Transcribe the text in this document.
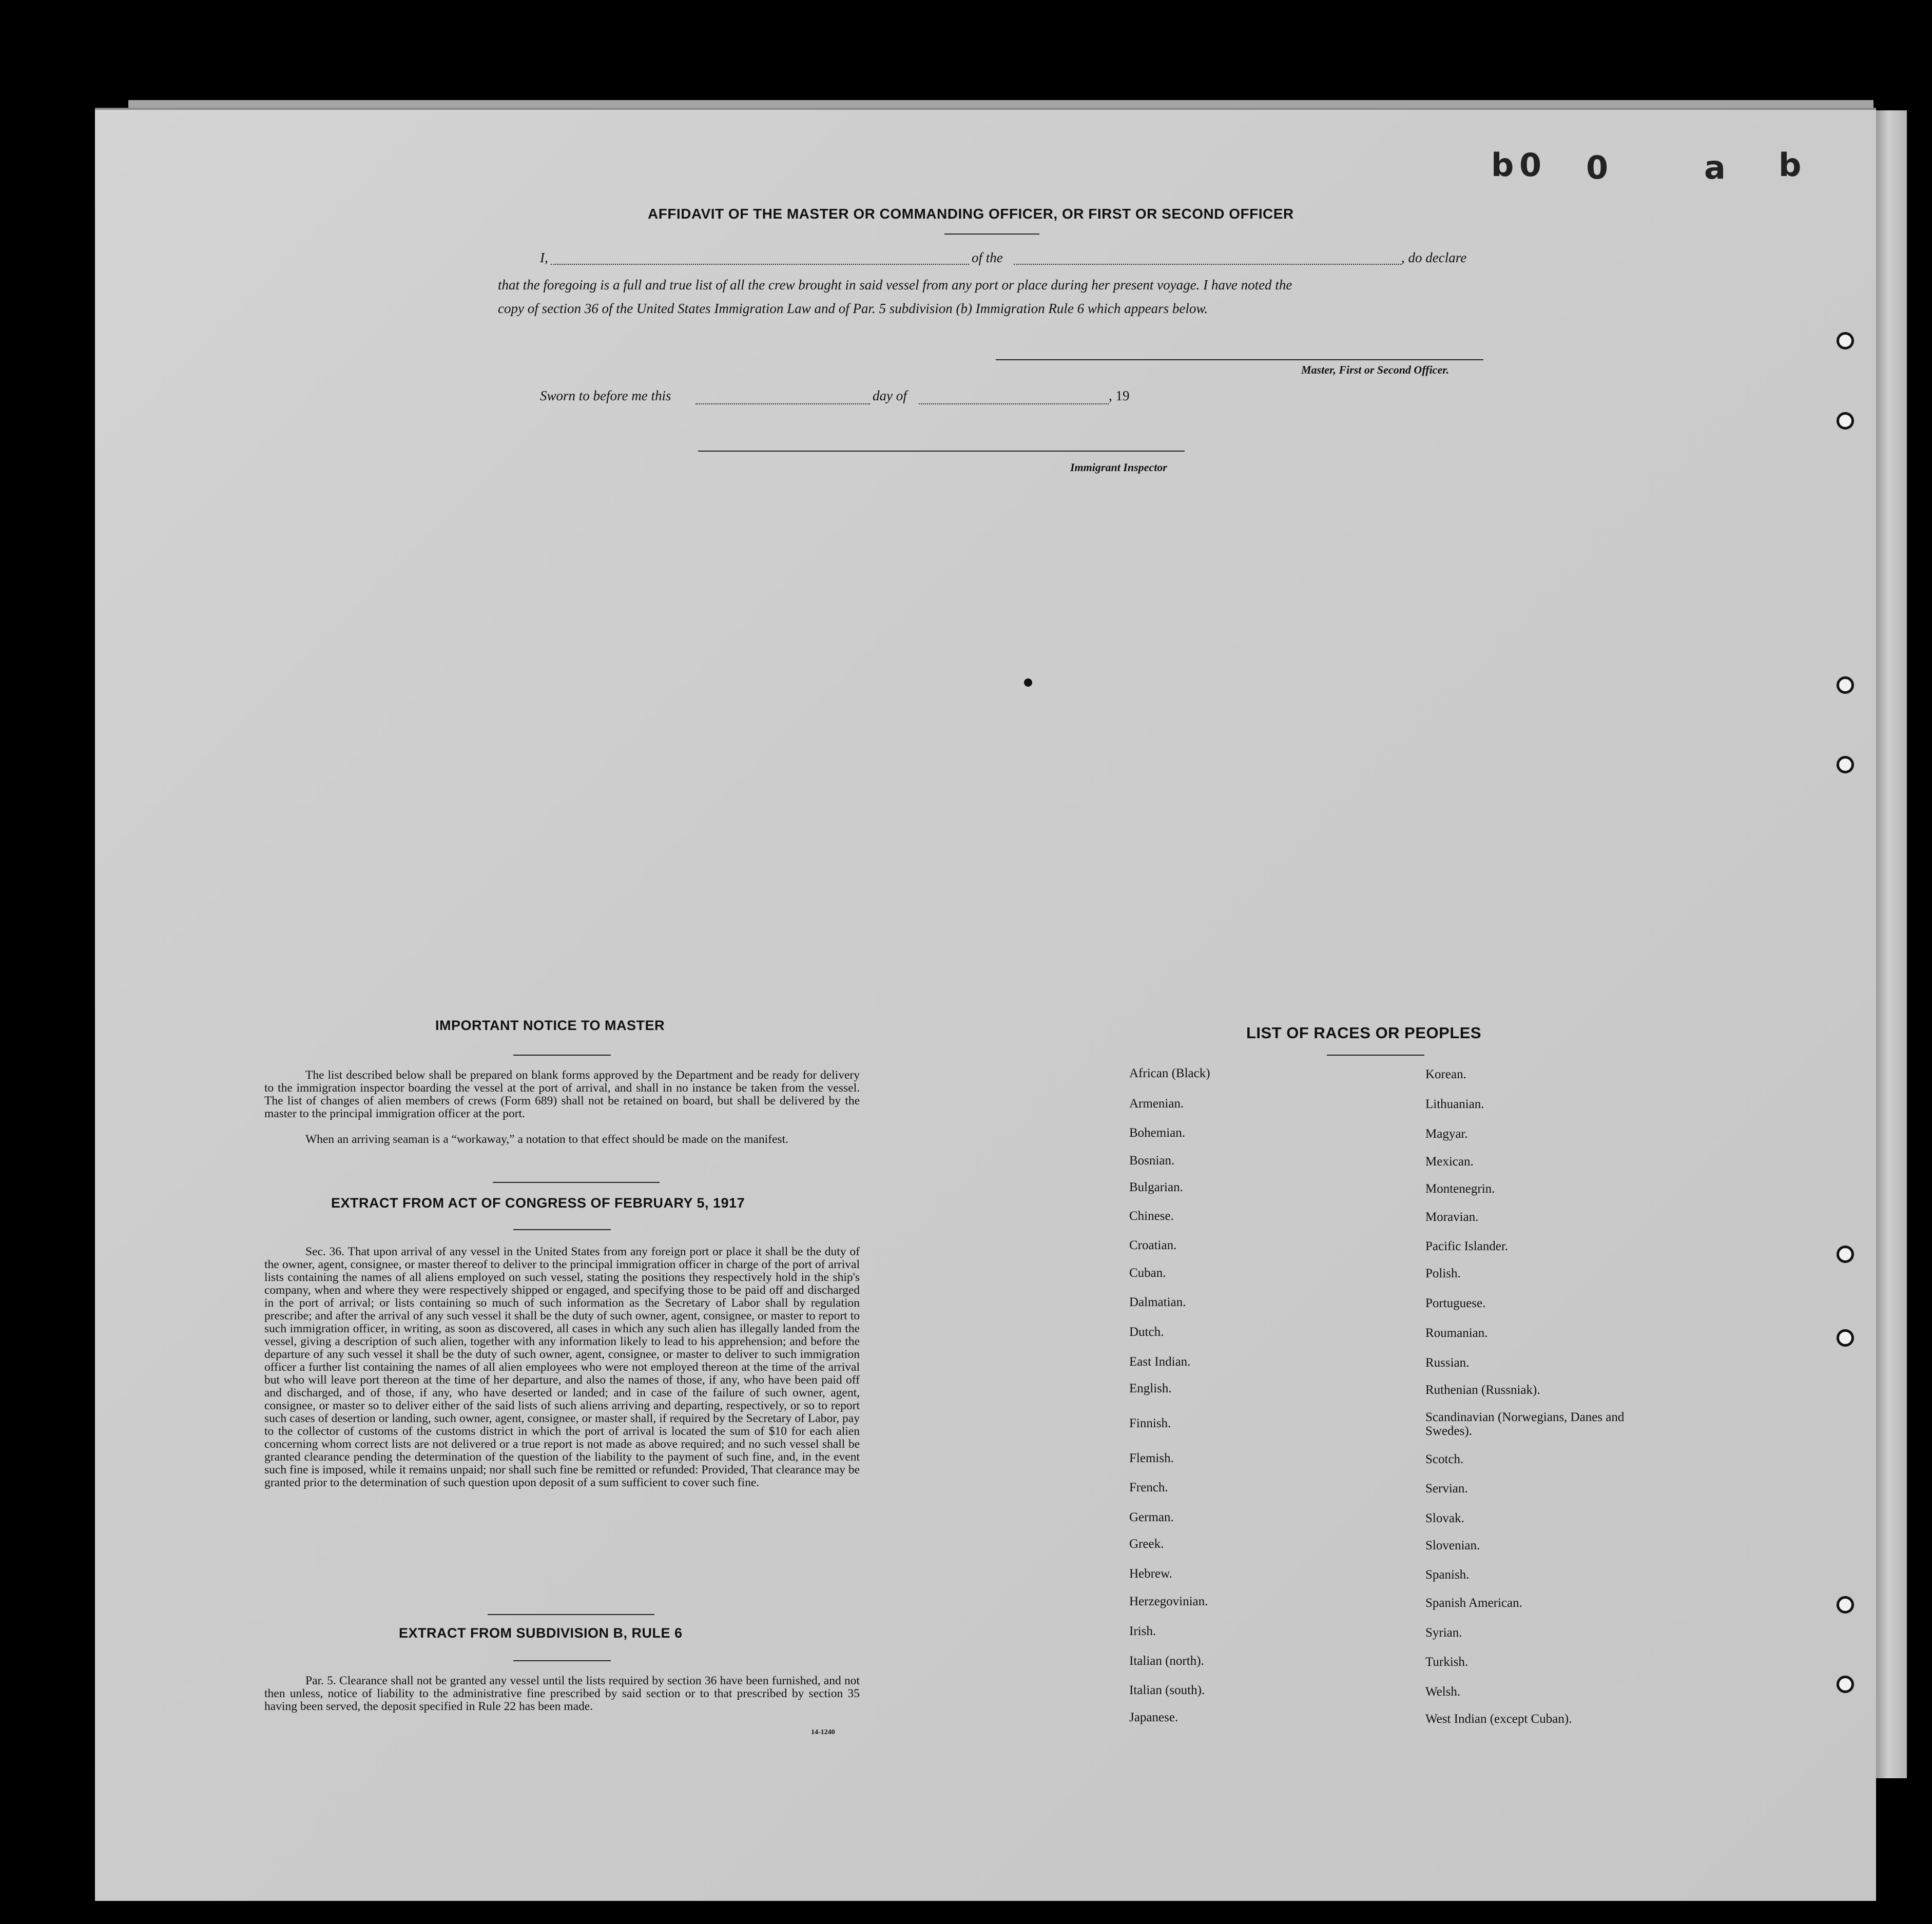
b 0 0	a b
AFFIDAVIT OF THE MASTER OR COMMANDING OFFICER, OR FIRST OR SECOND OFFICER
I,	of the	, do declare
that the foregoing is a full and true list of all the crew brought in said vessel from any port or place during her present voyage. I have noted the
copy of section 36 of the United States Immigration Law and of Par. 5 subdivision (b) Immigration Rule 6 which appears below.
Master, First or Second Officer.
Sworn to before me this	day of	, 19
Immigrant Inspector
IMPORTANT NOTICE TO MASTER

The list described below shall be prepared on blank forms approved by the Department and be ready for delivery to the immigration inspector boarding the vessel at the port of arrival, and shall in no instance be taken from the vessel. The list of changes of alien members of crews (Form 689) shall not be retained on board, but shall be delivered by the master to the principal immigration officer at the port.

When an arriving seaman is a “workaway,” a notation to that effect should be made on the manifest.

EXTRACT FROM ACT OF CONGRESS OF FEBRUARY 5, 1917

Sec. 36. That upon arrival of any vessel in the United States from any foreign port or place it shall be the duty of the owner, agent, consignee, or master thereof to deliver to the principal immigration officer in charge of the port of arrival lists containing the names of all aliens employed on such vessel, stating the positions they respectively hold in the ship's company, when and where they were respectively shipped or engaged, and specifying those to be paid off and discharged in the port of arrival; or lists containing so much of such information as the Secretary of Labor shall by regulation prescribe; and after the arrival of any such vessel it shall be the duty of such owner, agent, consignee, or master to report to such immigration officer, in writing, as soon as discovered, all cases in which any such alien has illegally landed from the vessel, giving a description of such alien, together with any information likely to lead to his apprehension; and before the departure of any such vessel it shall be the duty of such owner, agent, consignee, or master to deliver to such immigration officer a further list containing the names of all alien employees who were not employed thereon at the time of the arrival but who will leave port thereon at the time of her departure, and also the names of those, if any, who have been paid off and discharged, and of those, if any, who have deserted or landed; and in case of the failure of such owner, agent, consignee, or master so to deliver either of the said lists of such aliens arriving and departing, respectively, or so to report such cases of desertion or landing, such owner, agent, consignee, or master shall, if required by the Secretary of Labor, pay to the collector of customs of the customs district in which the port of arrival is located the sum of $10 for each alien concerning whom correct lists are not delivered or a true report is not made as above required; and no such vessel shall be granted clearance pending the determination of the question of the liability to the payment of such fine, and, in the event such fine is imposed, while it remains unpaid; nor shall such fine be remitted or refunded: Provided, That clearance may be granted prior to the determination of such question upon deposit of a sum sufficient to cover such fine.

EXTRACT FROM SUBDIVISION B, RULE 6

Par. 5. Clearance shall not be granted any vessel until the lists required by section 36 have been furnished, and not then unless, notice of liability to the administrative fine prescribed by said section or to that prescribed by section 35 having been served, the deposit specified in Rule 22 has been made.

14-1240
LIST OF RACES OR PEOPLES
African (Black)
Armenian.
Bohemian.
Bosnian.
Bulgarian.
Chinese.
Croatian.
Cuban.
Dalmatian.
Dutch.
East Indian.
English.
Finnish.
Flemish.
French.
German.
Greek.
Hebrew.
Herzegovinian.
Irish.
Italian (north).
Italian (south).
Japanese.
Korean.
Lithuanian.
Magyar.
Mexican.
Montenegrin.
Moravian.
Pacific Islander.
Polish.
Portuguese.
Roumanian.
Russian.
Ruthenian (Russniak).
Scandinavian (Norwegians, Danes and Swedes).
Scotch.
Servian.
Slovak.
Slovenian.
Spanish.
Spanish American.
Syrian.
Turkish.
Welsh.
West Indian (except Cuban).
